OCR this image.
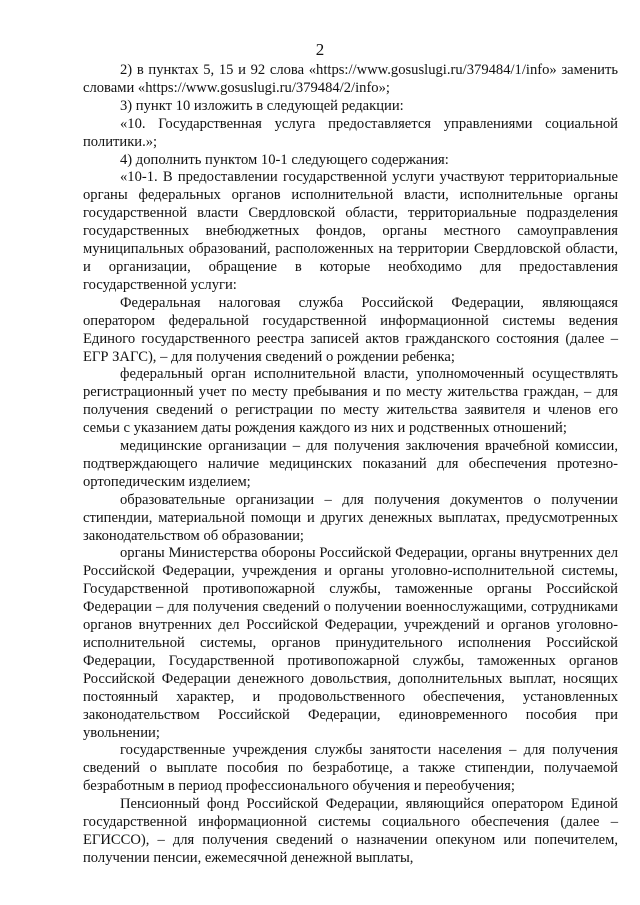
2

2) в пунктах 5, 15 и 92 слова «https://www.gosuslugi.ru/379484/1/info» заменить словами «https://www.gosuslugi.ru/379484/2/info»;

3) пункт 10 изложить в следующей редакции:

«10. Государственная услуга предоставляется управлениями социальной политики.»;

4) дополнить пунктом 10-1 следующего содержания:

«10-1. В предоставлении государственной услуги участвуют территориальные органы федеральных органов исполнительной власти, исполнительные органы государственной власти Свердловской области, территориальные подразделения государственных внебюджетных фондов, органы местного самоуправления муниципальных образований, расположенных на территории Свердловской области, и организации, обращение в которые необходимо для предоставления государственной услуги:

Федеральная налоговая служба Российской Федерации, являющаяся оператором федеральной государственной информационной системы ведения Единого государственного реестра записей актов гражданского состояния (далее – ЕГР ЗАГС), – для получения сведений о рождении ребенка;

федеральный орган исполнительной власти, уполномоченный осуществлять регистрационный учет по месту пребывания и по месту жительства граждан, – для получения сведений о регистрации по месту жительства заявителя и членов его семьи с указанием даты рождения каждого из них и родственных отношений;

медицинские организации – для получения заключения врачебной комиссии, подтверждающего наличие медицинских показаний для обеспечения протезно-ортопедическим изделием;

образовательные организации – для получения документов о получении стипендии, материальной помощи и других денежных выплатах, предусмотренных законодательством об образовании;

органы Министерства обороны Российской Федерации, органы внутренних дел Российской Федерации, учреждения и органы уголовно-исполнительной системы, Государственной противопожарной службы, таможенные органы Российской Федерации – для получения сведений о получении военнослужащими, сотрудниками органов внутренних дел Российской Федерации, учреждений и органов уголовно-исполнительной системы, органов принудительного исполнения Российской Федерации, Государственной противопожарной службы, таможенных органов Российской Федерации денежного довольствия, дополнительных выплат, носящих постоянный характер, и продовольственного обеспечения, установленных законодательством Российской Федерации, единовременного пособия при увольнении;

государственные учреждения службы занятости населения – для получения сведений о выплате пособия по безработице, а также стипендии, получаемой безработным в период профессионального обучения и переобучения;

Пенсионный фонд Российской Федерации, являющийся оператором Единой государственной информационной системы социального обеспечения (далее – ЕГИССО), – для получения сведений о назначении опекуном или попечителем, получении пенсии, ежемесячной денежной выплаты,
